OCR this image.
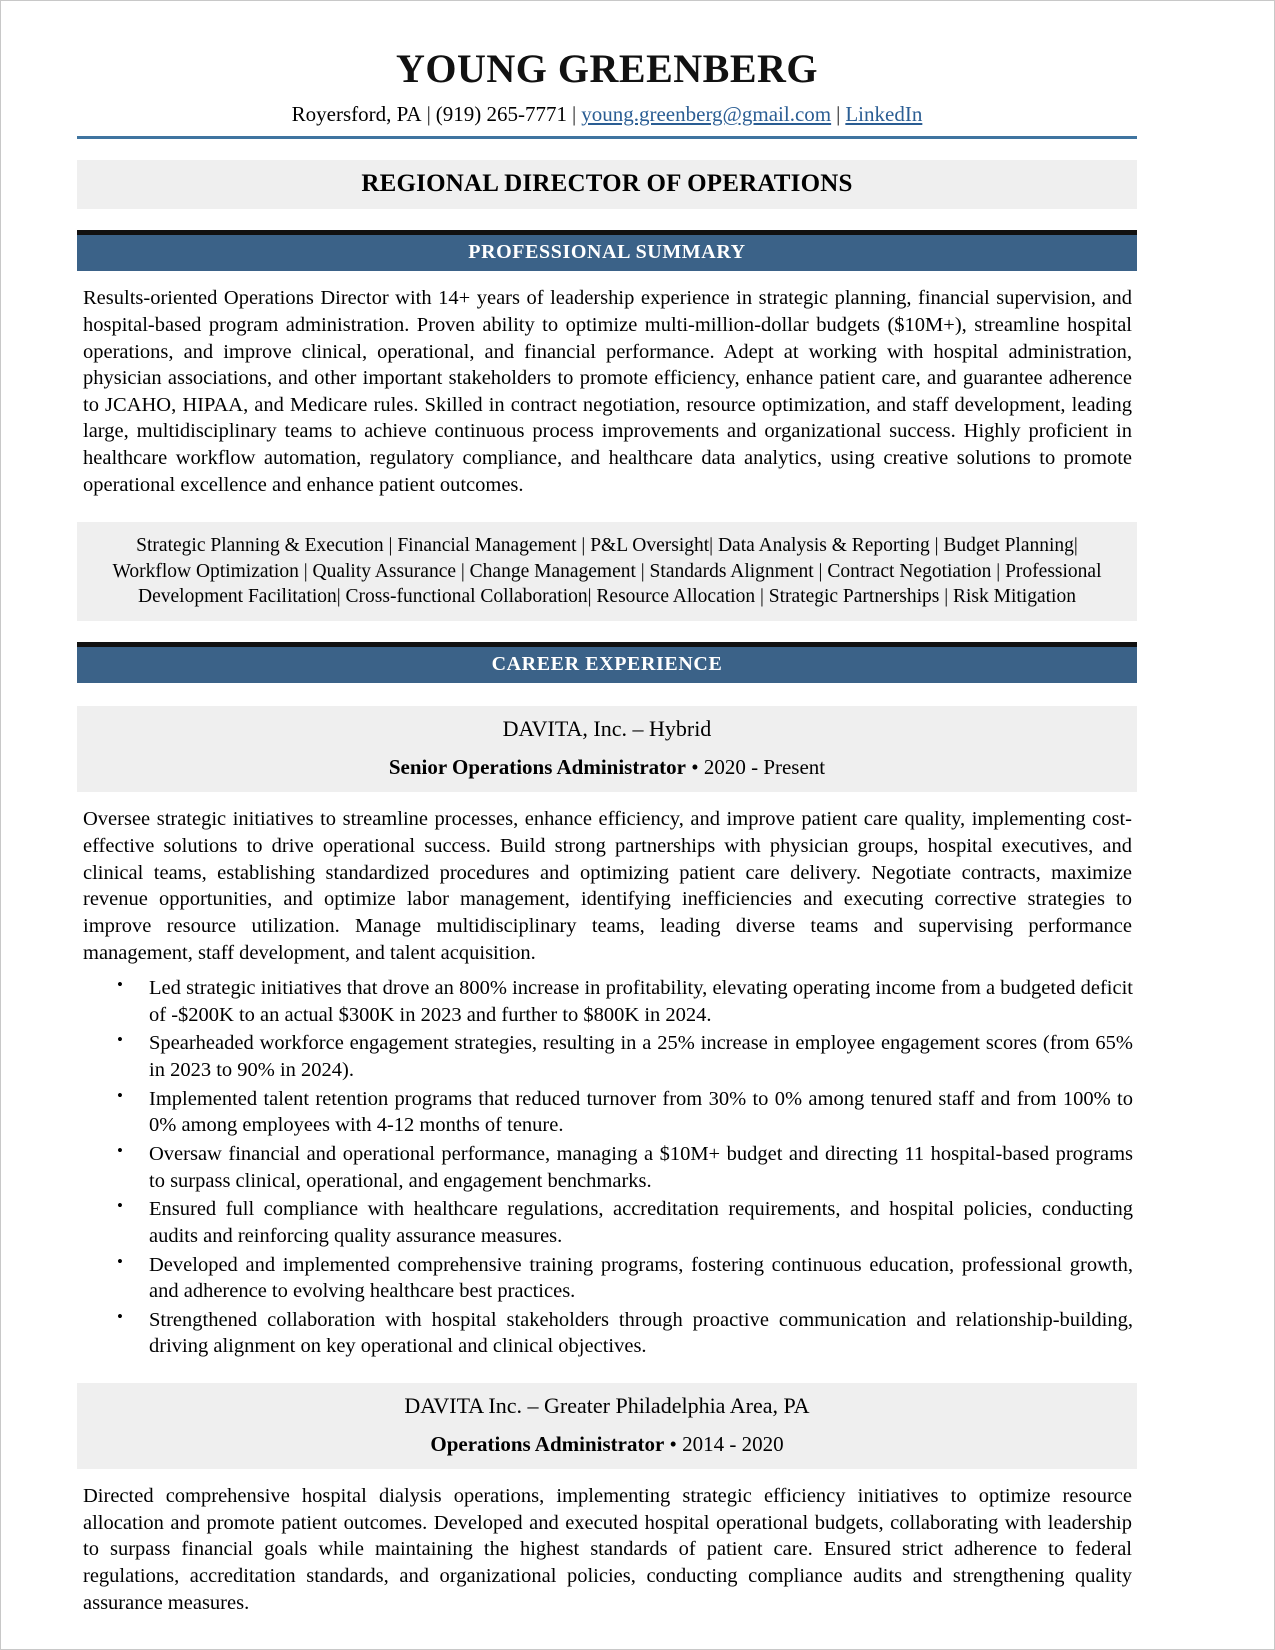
YOUNG GREENBERG
Royersford, PA | (919) 265-7771 | young.greenberg@gmail.com | LinkedIn
REGIONAL DIRECTOR OF OPERATIONS
PROFESSIONAL SUMMARY
Results-oriented Operations Director with 14+ years of leadership experience in strategic planning, financial supervision, and hospital-based program administration. Proven ability to optimize multi-million-dollar budgets ($10M+), streamline hospital operations, and improve clinical, operational, and financial performance. Adept at working with hospital administration, physician associations, and other important stakeholders to promote efficiency, enhance patient care, and guarantee adherence to JCAHO, HIPAA, and Medicare rules. Skilled in contract negotiation, resource optimization, and staff development, leading large, multidisciplinary teams to achieve continuous process improvements and organizational success. Highly proficient in healthcare workflow automation, regulatory compliance, and healthcare data analytics, using creative solutions to promote operational excellence and enhance patient outcomes.
Strategic Planning & Execution | Financial Management | P&L Oversight| Data Analysis & Reporting | Budget Planning| Workflow Optimization | Quality Assurance | Change Management | Standards Alignment | Contract Negotiation | Professional Development Facilitation| Cross-functional Collaboration| Resource Allocation | Strategic Partnerships | Risk Mitigation
CAREER EXPERIENCE
DAVITA, Inc. – Hybrid
Senior Operations Administrator • 2020 - Present
Oversee strategic initiatives to streamline processes, enhance efficiency, and improve patient care quality, implementing cost-effective solutions to drive operational success. Build strong partnerships with physician groups, hospital executives, and clinical teams, establishing standardized procedures and optimizing patient care delivery. Negotiate contracts, maximize revenue opportunities, and optimize labor management, identifying inefficiencies and executing corrective strategies to improve resource utilization. Manage multidisciplinary teams, leading diverse teams and supervising performance management, staff development, and talent acquisition.
• Led strategic initiatives that drove an 800% increase in profitability, elevating operating income from a budgeted deficit of -$200K to an actual $300K in 2023 and further to $800K in 2024.
• Spearheaded workforce engagement strategies, resulting in a 25% increase in employee engagement scores (from 65% in 2023 to 90% in 2024).
• Implemented talent retention programs that reduced turnover from 30% to 0% among tenured staff and from 100% to 0% among employees with 4-12 months of tenure.
• Oversaw financial and operational performance, managing a $10M+ budget and directing 11 hospital-based programs to surpass clinical, operational, and engagement benchmarks.
• Ensured full compliance with healthcare regulations, accreditation requirements, and hospital policies, conducting audits and reinforcing quality assurance measures.
• Developed and implemented comprehensive training programs, fostering continuous education, professional growth, and adherence to evolving healthcare best practices.
• Strengthened collaboration with hospital stakeholders through proactive communication and relationship-building, driving alignment on key operational and clinical objectives.
DAVITA Inc. – Greater Philadelphia Area, PA
Operations Administrator • 2014 - 2020
Directed comprehensive hospital dialysis operations, implementing strategic efficiency initiatives to optimize resource allocation and promote patient outcomes. Developed and executed hospital operational budgets, collaborating with leadership to surpass financial goals while maintaining the highest standards of patient care. Ensured strict adherence to federal regulations, accreditation standards, and organizational policies, conducting compliance audits and strengthening quality assurance measures.
